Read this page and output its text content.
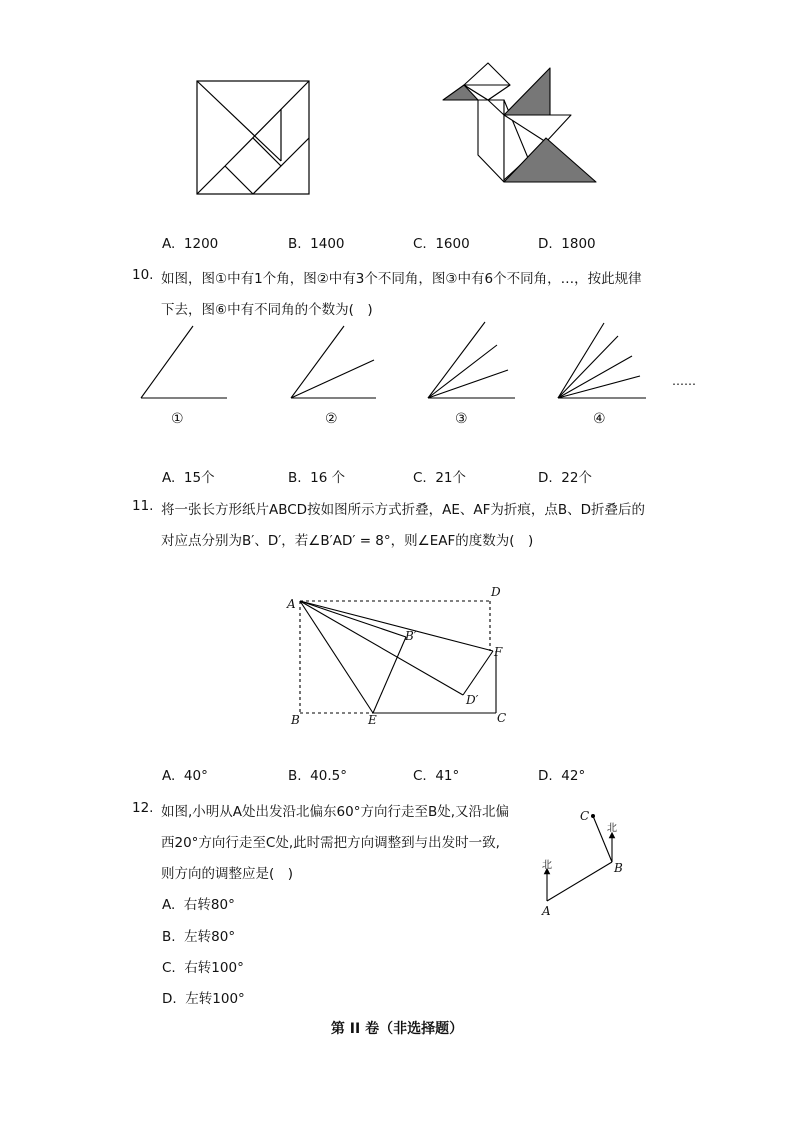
A. 1200	B. 1400	C. 1600	D. 1800
10. 如图，图①中有1个角，图②中有3个不同角，图③中有6个不同角，…，按此规律
下去，图⑥中有不同角的个数为(　)
……
①	②	③	④
A. 15个	B. 16 个	C. 21个	D. 22个
11. 将一张长方形纸片ABCD按如图所示方式折叠，AE、AF为折痕，点B、D折叠后的
对应点分别为B′、D′，若∠B′AD′ = 8°，则∠EAF的度数为(　)
A
D
B′
F
D′
B	E	C
A. 40°	B. 40.5°	C. 41°	D. 42°
12. 如图,小明从A处出发沿北偏东60°方向行走至B处,又沿北偏
西20°方向行走至C处,此时需把方向调整到与出发时一致,
则方向的调整应是(　)
C
北
北	B
A
A. 右转80°
B. 左转80°
C. 右转100°
D. 左转100°
第 II 卷（非选择题）
